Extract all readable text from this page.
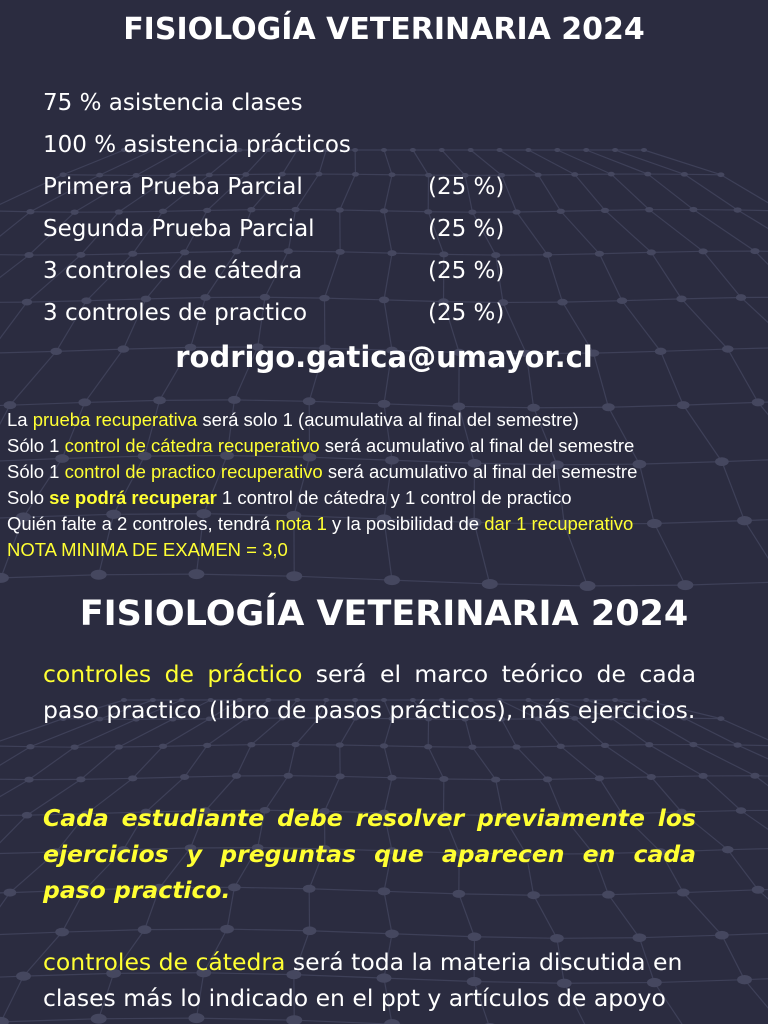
FISIOLOGÍA VETERINARIA 2024
75 % asistencia clases
100 % asistencia prácticos
Primera Prueba Parcial	(25 %)
Segunda Prueba Parcial	(25 %)
3 controles de cátedra	(25 %)
3 controles de practico	(25 %)
rodrigo.gatica@umayor.cl
La prueba recuperativa será solo 1 (acumulativa al final del semestre)
Sólo 1 control de cátedra recuperativo será acumulativo al final del semestre
Sólo 1 control de practico recuperativo será acumulativo al final del semestre
Solo se podrá recuperar 1 control de cátedra y 1 control de practico
Quién falte a 2 controles, tendrá nota 1 y la posibilidad de dar 1 recuperativo
NOTA MINIMA DE EXAMEN = 3,0
FISIOLOGÍA VETERINARIA 2024

controles de práctico será el marco teórico de cada paso practico (libro de pasos prácticos), más ejercicios.

Cada estudiante debe resolver previamente los ejercicios y preguntas que aparecen en cada paso practico.

controles de cátedra será toda la materia discutida en clases más lo indicado en el ppt y artículos de apoyo
